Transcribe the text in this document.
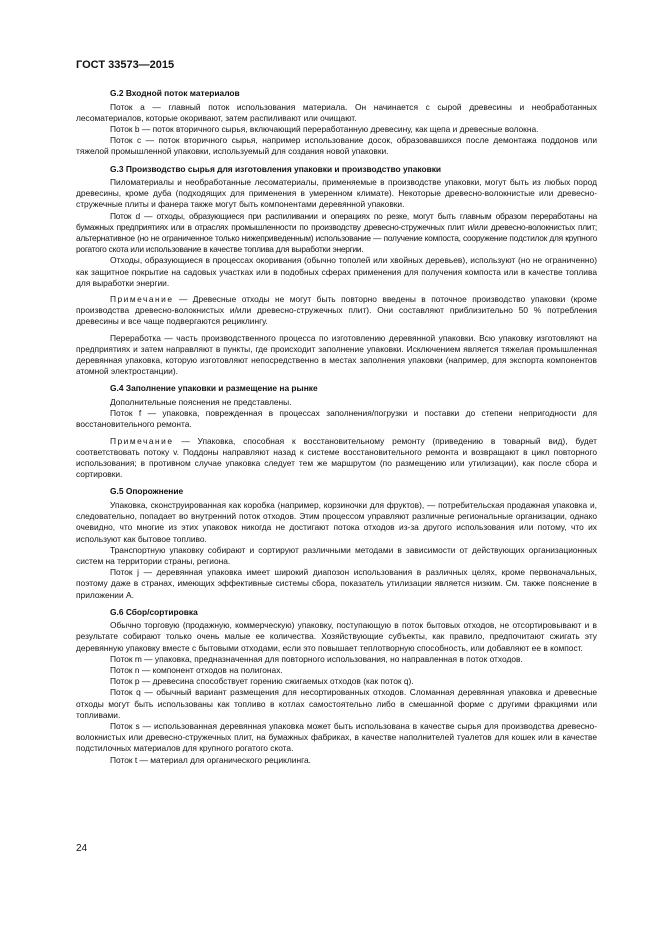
ГОСТ 33573—2015
G.2 Входной поток материалов

Поток a — главный поток использования материала. Он начинается с сырой древесины и необработанных лесоматериалов, которые окоривают, затем распиливают или очищают.

Поток b — поток вторичного сырья, включающий переработанную древесину, как щепа и древесные волокна.

Поток c — поток вторичного сырья, например использование досок, образовавшихся после демонтажа поддонов или тяжелой промышленной упаковки, используемый для создания новой упаковки.

G.3 Производство сырья для изготовления упаковки и производство упаковки

Пиломатериалы и необработанные лесоматериалы, применяемые в производстве упаковки, могут быть из любых пород древесины, кроме дуба (подходящих для применения в умеренном климате). Некоторые древесно-волокнистые или древесно-стружечные плиты и фанера также могут быть компонентами деревянной упаковки.

Поток d — отходы, образующиеся при распиливании и операциях по резке, могут быть главным образом переработаны на бумажных предприятиях или в отраслях промышленности по производству древесно-стружечных плит и/или древесно-волокнистых плит; альтернативное (но не ограниченное только нижеприведенным) использование — получение компоста, сооружение подстилок для крупного рогатого скота или использование в качестве топлива для выработки энергии.

Отходы, образующиеся в процессах окоривания (обычно тополей или хвойных деревьев), используют (но не ограниченно) как защитное покрытие на садовых участках или в подобных сферах применения для получения компоста или в качестве топлива для выработки энергии.

Примечание — Древесные отходы не могут быть повторно введены в поточное производство упаковки (кроме производства древесно-волокнистых и/или древесно-стружечных плит). Они составляют приблизительно 50 % потребления древесины и все чаще подвергаются рециклингу.

Переработка — часть производственного процесса по изготовлению деревянной упаковки. Всю упаковку изготовляют на предприятиях и затем направляют в пункты, где происходит заполнение упаковки. Исключением является тяжелая промышленная деревянная упаковка, которую изготовляют непосредственно в местах заполнения упаковки (например, для экспорта компонентов атомной электростанции).

G.4 Заполнение упаковки и размещение на рынке

Дополнительные пояснения не представлены.

Поток f — упаковка, поврежденная в процессах заполнения/погрузки и поставки до степени непригодности для восстановительного ремонта.

Примечание — Упаковка, способная к восстановительному ремонту (приведению в товарный вид), будет соответствовать потоку v. Поддоны направляют назад к системе восстановительного ремонта и возвращают в цикл повторного использования; в противном случае упаковка следует тем же маршрутом (по размещению или утилизации), как после сбора и сортировки.

G.5 Опорожнение

Упаковка, сконструированная как коробка (например, корзиночки для фруктов), — потребительская продажная упаковка и, следовательно, попадает во внутренний поток отходов. Этим процессом управляют различные региональные организации, однако очевидно, что многие из этих упаковок никогда не достигают потока отходов из-за другого использования или потому, что их используют как бытовое топливо.

Транспортную упаковку собирают и сортируют различными методами в зависимости от действующих организационных систем на территории страны, региона.

Поток j — деревянная упаковка имеет широкий диапозон использования в различных целях, кроме первоначальных, поэтому даже в странах, имеющих эффективные системы сбора, показатель утилизации является низким. См. также пояснение в приложении А.

G.6 Сбор/сортировка

Обычно торговую (продажную, коммерческую) упаковку, поступающую в поток бытовых отходов, не отсортировывают и в результате собирают только очень малые ее количества. Хозяйствующие субъекты, как правило, предпочитают сжигать эту деревянную упаковку вместе с бытовыми отходами, если это повышает теплотворную способность, или добавляют ее в компост.

Поток m — упаковка, предназначенная для повторного использования, но направленная в поток отходов.

Поток n — компонент отходов на полигонах.

Поток p — древесина способствует горению сжигаемых отходов (как поток q).

Поток q — обычный вариант размещения для несортированных отходов. Сломанная деревянная упаковка и древесные отходы могут быть использованы как топливо в котлах самостоятельно либо в смешанной форме с другими фракциями или топливами.

Поток s — использованная деревянная упаковка может быть использована в качестве сырья для производства древесно-волокнистых или древесно-стружечных плит, на бумажных фабриках, в качестве наполнителей туалетов для кошек или в качестве подстилочных материалов для крупного рогатого скота.

Поток t — материал для органического рециклинга.

24
